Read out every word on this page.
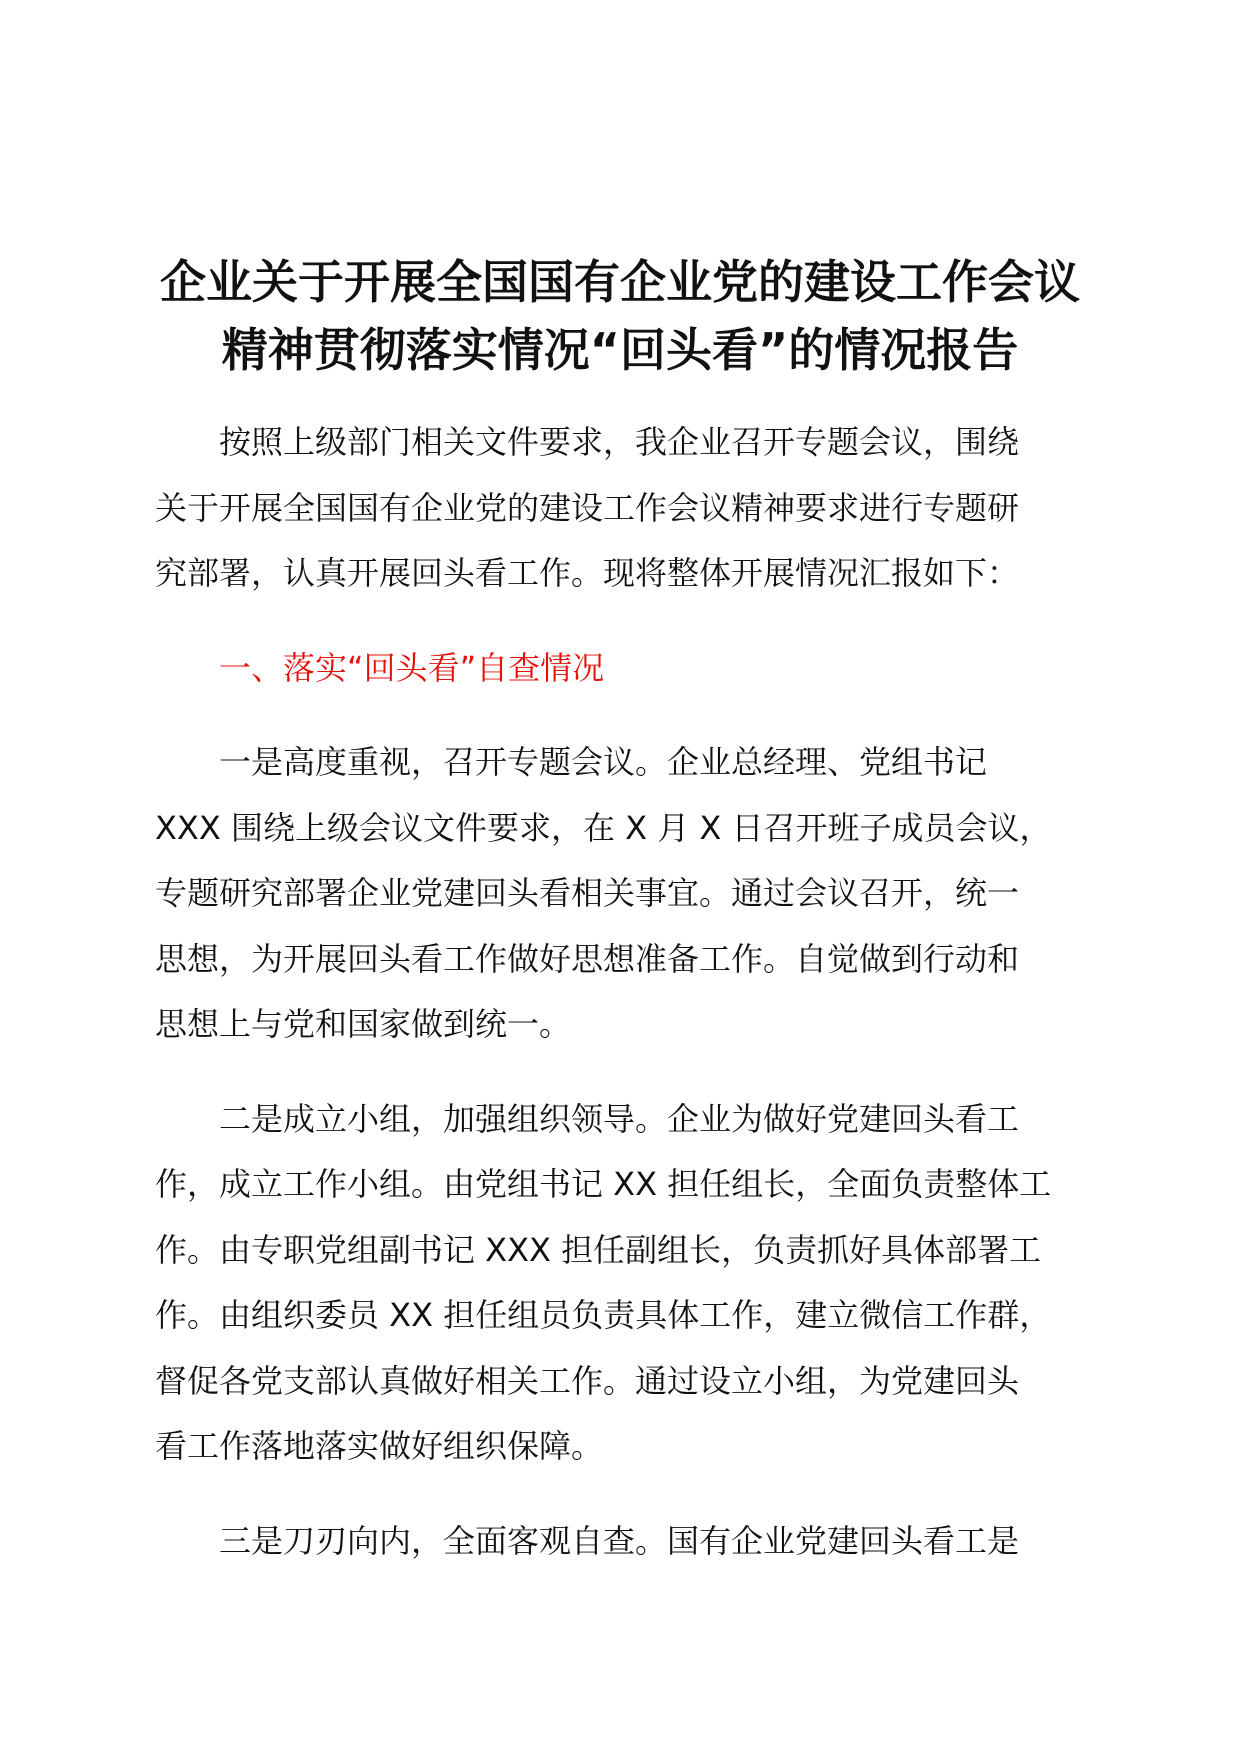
企业关于开展全国国有企业党的建设工作会议
精神贯彻落实情况“回头看”的情况报告

按照上级部门相关文件要求，我企业召开专题会议，围绕
关于开展全国国有企业党的建设工作会议精神要求进行专题研
究部署，认真开展回头看工作。现将整体开展情况汇报如下：

一、落实“回头看”自查情况

一是高度重视，召开专题会议。企业总经理、党组书记
XXX 围绕上级会议文件要求，在 X 月 X 日召开班子成员会议，
专题研究部署企业党建回头看相关事宜。通过会议召开，统一
思想，为开展回头看工作做好思想准备工作。自觉做到行动和
思想上与党和国家做到统一。

二是成立小组，加强组织领导。企业为做好党建回头看工
作，成立工作小组。由党组书记 XX 担任组长，全面负责整体工
作。由专职党组副书记 XXX 担任副组长，负责抓好具体部署工
作。由组织委员 XX 担任组员负责具体工作，建立微信工作群，
督促各党支部认真做好相关工作。通过设立小组，为党建回头
看工作落地落实做好组织保障。

三是刀刃向内，全面客观自查。国有企业党建回头看工是
